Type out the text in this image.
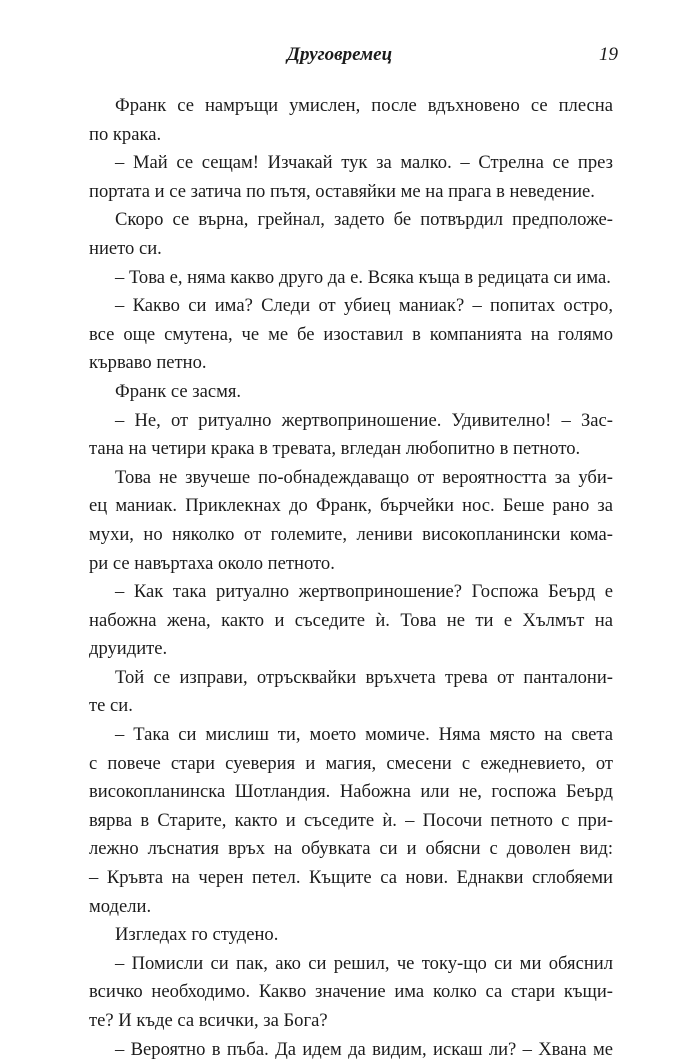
Друговремец	19
Франк се намръщи умислен, после вдъхновено се плесна
по крака.
– Май се сещам! Изчакай тук за малко. – Стрелна се през
портата и се затича по пътя, оставяйки ме на прага в неведение.
Скоро се върна, грейнал, задето бе потвърдил предположе-
нието си.
– Това е, няма какво друго да е. Всяка къща в редицата си има.
– Какво си има? Следи от убиец маниак? – попитах остро,
все още смутена, че ме бе изоставил в компанията на голямо
кърваво петно.
Франк се засмя.
– Не, от ритуално жертвоприношение. Удивително! – Зас-
тана на четири крака в тревата, вгледан любопитно в петното.
Това не звучеше по-обнадеждаващо от вероятността за уби-
ец маниак. Приклекнах до Франк, бърчейки нос. Беше рано за
мухи, но няколко от големите, лениви високопланински кома-
ри се навъртаха около петното.
– Как така ритуално жертвоприношение? Госпожа Беърд е
набожна жена, както и съседите ѝ. Това не ти е Хълмът на
друидите.
Той се изправи, отръсквайки връхчета трева от панталони-
те си.
– Така си мислиш ти, моето момиче. Няма място на света
с повече стари суеверия и магия, смесени с ежедневието, от
високопланинска Шотландия. Набожна или не, госпожа Беърд
вярва в Старите, както и съседите ѝ. – Посочи петното с при-
лежно лъснатия връх на обувката си и обясни с доволен вид:
– Кръвта на черен петел. Къщите са нови. Еднакви сглобяеми
модели.
Изгледах го студено.
– Помисли си пак, ако си решил, че току-що си ми обяснил
всичко необходимо. Какво значение има колко са стари къщи-
те? И къде са всички, за Бога?
– Вероятно в пъба. Да идем да видим, искаш ли? – Хвана ме
